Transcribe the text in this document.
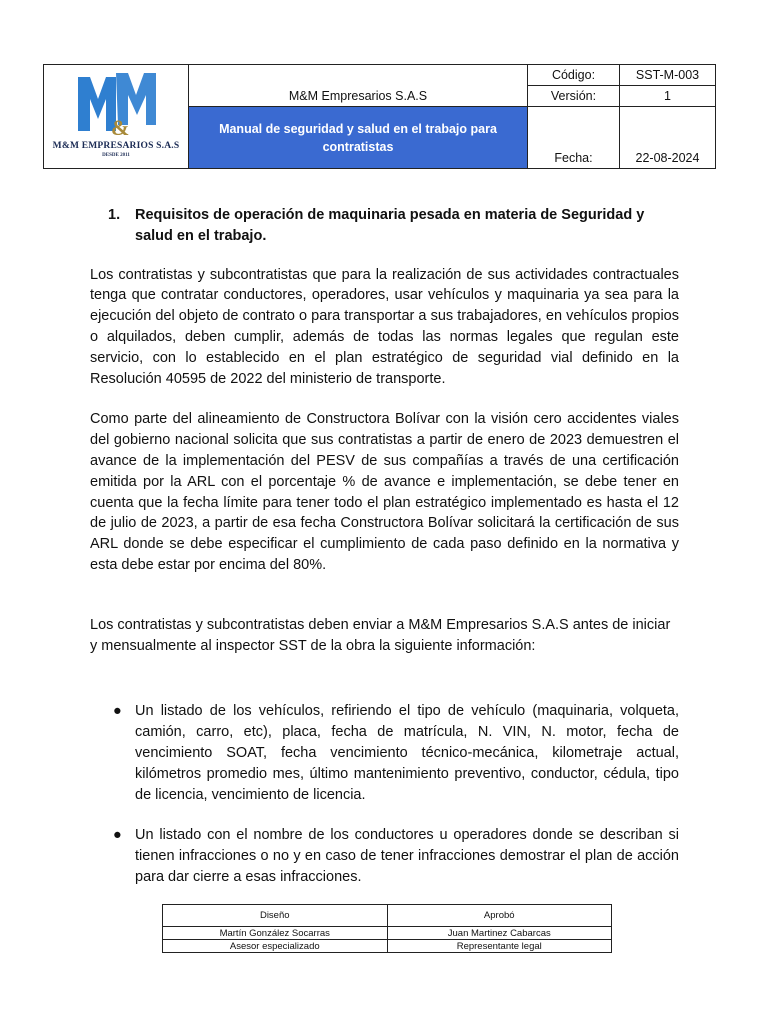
&
M&M EMPRESARIOS S.A.S
DESDE 2011	M&M Empresarios S.A.S	Código:	SST-M-003
		Versión:	1
	Manual de seguridad y salud en el trabajo para contratistas	Fecha:	22-08-2024
1. Requisitos de operación de maquinaria pesada en materia de Seguridad y salud en el trabajo.

Los contratistas y subcontratistas que para la realización de sus actividades contractuales tenga que contratar conductores, operadores, usar vehículos y maquinaria ya sea para la ejecución del objeto de contrato o para transportar a sus trabajadores, en vehículos propios o alquilados, deben cumplir, además de todas las normas legales que regulan este servicio, con lo establecido en el plan estratégico de seguridad vial definido en la Resolución 40595 de 2022 del ministerio de transporte.

Como parte del alineamiento de Constructora Bolívar con la visión cero accidentes viales del gobierno nacional solicita que sus contratistas a partir de enero de 2023 demuestren el avance de la implementación del PESV de sus compañías a través de una certificación emitida por la ARL con el porcentaje % de avance e implementación, se debe tener en cuenta que la fecha límite para tener todo el plan estratégico implementado es hasta el 12 de julio de 2023, a partir de esa fecha Constructora Bolívar solicitará la certificación de sus ARL donde se debe especificar el cumplimiento de cada paso definido en la normativa y esta debe estar por encima del 80%.

Los contratistas y subcontratistas deben enviar a M&M Empresarios S.A.S antes de iniciar y mensualmente al inspector SST de la obra la siguiente información:

● Un listado de los vehículos, refiriendo el tipo de vehículo (maquinaria, volqueta, camión, carro, etc), placa, fecha de matrícula, N. VIN, N. motor, fecha de vencimiento SOAT, fecha vencimiento técnico-mecánica, kilometraje actual, kilómetros promedio mes, último mantenimiento preventivo, conductor, cédula, tipo de licencia, vencimiento de licencia.
● Un listado con el nombre de los conductores u operadores donde se describan si tienen infracciones o no y en caso de tener infracciones demostrar el plan de acción para dar cierre a esas infracciones.
Diseño	Aprobó
Martín González Socarras	Juan Martinez Cabarcas
Asesor especializado	Representante legal
